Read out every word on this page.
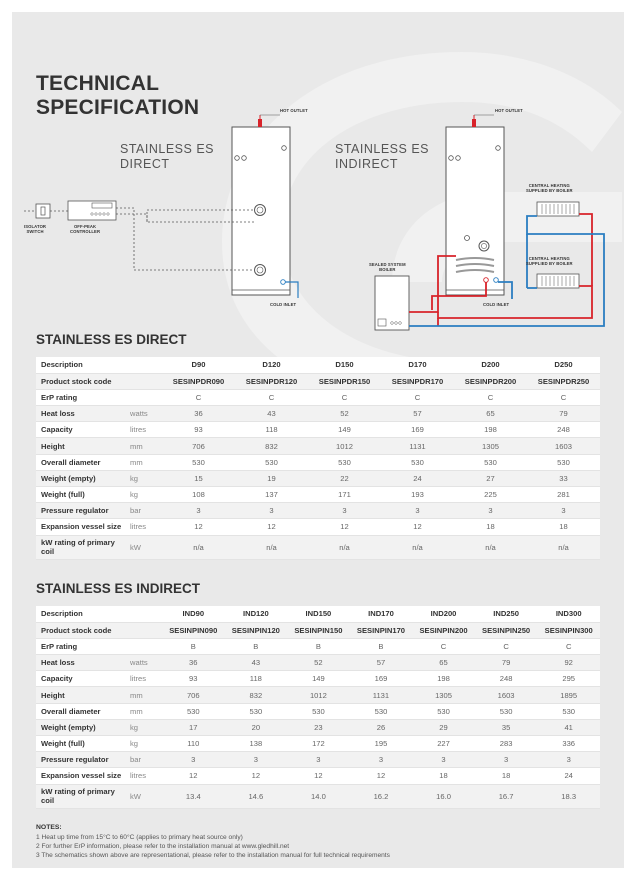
TECHNICAL
SPECIFICATION
STAINLESS ES
DIRECT
STAINLESS ES
INDIRECT
HOT OUTLET
COLD INLET
ISOLATOR
SWITCH
OFF-PEAK
CONTROLLER
HOT OUTLET
COLD INLET
CENTRAL HEATING
SUPPLIED BY BOILER
CENTRAL HEATING
SUPPLIED BY BOILER
SEALED SYSTEM
BOILER
STAINLESS ES DIRECT
Description		D90	D120	D150	D170	D200	D250
Product stock code		SESINPDR090	SESINPDR120	SESINPDR150	SESINPDR170	SESINPDR200	SESINPDR250
ErP rating		C	C	C	C	C	C
Heat loss	watts	36	43	52	57	65	79
Capacity	litres	93	118	149	169	198	248
Height	mm	706	832	1012	1131	1305	1603
Overall diameter	mm	530	530	530	530	530	530
Weight (empty)	kg	15	19	22	24	27	33
Weight (full)	kg	108	137	171	193	225	281
Pressure regulator	bar	3	3	3	3	3	3
Expansion vessel size	litres	12	12	12	12	18	18
kW rating of primary coil	kW	n/a	n/a	n/a	n/a	n/a	n/a
STAINLESS ES INDIRECT
Description		IND90	IND120	IND150	IND170	IND200	IND250	IND300
Product stock code		SESINPIN090	SESINPIN120	SESINPIN150	SESINPIN170	SESINPIN200	SESINPIN250	SESINPIN300
ErP rating		B	B	B	B	C	C	C
Heat loss	watts	36	43	52	57	65	79	92
Capacity	litres	93	118	149	169	198	248	295
Height	mm	706	832	1012	1131	1305	1603	1895
Overall diameter	mm	530	530	530	530	530	530	530
Weight (empty)	kg	17	20	23	26	29	35	41
Weight (full)	kg	110	138	172	195	227	283	336
Pressure regulator	bar	3	3	3	3	3	3	3
Expansion vessel size	litres	12	12	12	12	18	18	24
kW rating of primary coil	kW	13.4	14.6	14.0	16.2	16.0	16.7	18.3
NOTES:
1 Heat up time from 15°C to 60°C (applies to primary heat source only)
2 For further ErP information, please refer to the installation manual at www.gledhill.net
3 The schematics shown above are representational, please refer to the installation manual for full technical requirements
